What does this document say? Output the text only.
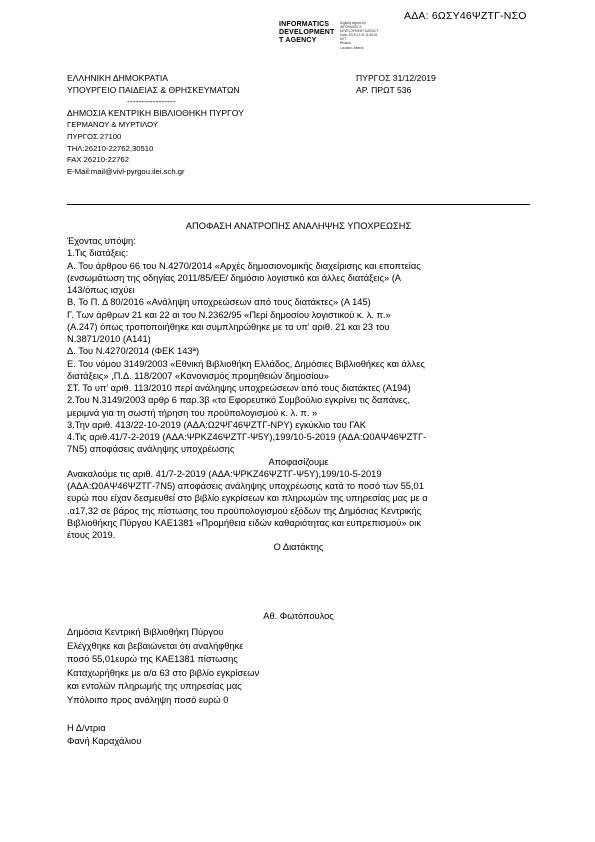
ΑΔΑ: 6ΩΣΥ46ΨΖΤΓ-ΝΣΟ
INFORMATICS
DEVELOPMENT
T AGENCY
Digitally signed by
INFORMATICS
DEVELOPMENT AGENCY
Date: 2019.12.31 11:56:51
EET
Reason:
Location: Athens
ΕΛΛΗΝΙΚΗ ΔΗΜΟΚΡΑΤΙΑ
ΥΠΟΥΡΓΕΙΟ ΠΑΙΔΕΙΑΣ & ΘΡΗΣΚΕΥΜΑΤΩΝ
-----------------
ΔΗΜΟΣΙΑ ΚΕΝΤΡΙΚΗ ΒΙΒΛΙΟΘΗΚΗ ΠΥΡΓΟΥ
ΓΕΡΜΑΝΟΥ & ΜΥΡΤΙΛΟΥ
ΠΥΡΓΟΣ 27100
ΤΗΛ:26210-22762,30510
FAX 26210-22762
E-Mail:mail@vivl-pyrgou.ilei.sch.gr
ΠΥΡΓΟΣ 31/12/2019
ΑΡ. ΠΡΩΤ 536
ΑΠΟΦΑΣΗ ΑΝΑΤΡΟΠΗΣ ΑΝΑΛΗΨΗΣ ΥΠΟΧΡΕΩΣΗΣ
Έχοντας υπόψη:
1.Τις διατάξεις:
Α. Του άρθρου 66 του Ν.4270/2014 «Αρχές δημοσιονομικής διαχείρισης και εποπτείας
(ενσωμάτωση της οδηγίας 2011/85/ΕΕ/ δημόσιο λογιστικό και άλλες διατάξεις» (Α
143/όπως ισχύει
Β. Το Π. Δ 80/2016 «Ανάληψη υποχρεώσεων από τους διατάκτες» (Α 145)
Γ. Των άρθρων 21 και 22 αι του Ν.2362/95 «Περί δημοσίου λογιστικού κ. λ. π.»
(Α.247) όπως τροποποιήθηκε και συμπληρώθηκε με τα υπ' αριθ. 21 και 23 του
Ν.3871/2010 (Α141)
Δ. Του Ν.4270/2014 (ΦΕΚ 143ª)
Ε. Του νόμου 3149/2003 «Εθνική Βιβλιοθήκη Ελλάδος, Δημόσιες Βιβλιοθήκες και άλλες
διατάξεις» ,Π.Δ. 118/2007 «Κανονισμός προμηθειών δημοσίου»
ΣΤ. Το υπ' αριθ. 113/2010 περί ανάληψης υποχρεώσεων από τους διατάκτες (Α194)
2.Του Ν.3149/2003 αρθρ 6 παρ.3β «το Εφορευτικό Συμβούλιο εγκρίνει τις δαπάνες,
μεριμνά για τη σωστή τήρηση του προϋπολογισμού κ. λ. π. »
3.Την αριθ. 413/22-10-2019 (ΑΔΑ:Ω2ΨΓ46ΨΖΤΓ-ΝΡΥ) εγκύκλιο του ΓΑΚ
4.Τις αριθ.41/7-2-2019 (ΑΔΑ:ΨΡΚΖ46ΨΖΤΓ-Ψ5Υ),199/10-5-2019 (ΑΔΑ:Ω0ΑΨ46ΨΖΤΓ-
7Ν5) αποφάσεις ανάληψης υποχρέωσης
Αποφασίζουμε
Ανακαλούμε τις αριθ. 41/7-2-2019 (ΑΔΑ:ΨΡΚΖ46ΨΖΤΓ-Ψ5Υ),199/10-5-2019
(ΑΔΑ:Ω0ΑΨ46ΨΖΤΓ-7Ν5) αποφάσεις ανάληψης υποχρέωσης κατά το ποσό των 55,01
ευρώ που είχαν δεσμευθεί στο βιβλίο εγκρίσεων και πληρωμών της υπηρεσίας μας με α
.α17,32 σε βάρος της πίστωσης του προϋπολογισμού εξόδων της Δημόσιας Κεντρικής
Βιβλιοθήκης Πύργου ΚΑΕ1381 «Προμήθεια ειδών καθαριότητας και ευπρεπισμού» οικ
έτους 2019.
Ο Διατάκτης
Αθ. Φωτόπουλος
Δημόσια Κεντρική Βιβλιοθήκη Πύργου
Ελέγχθηκε και βεβαιώνεται ότι αναλήφθηκε
ποσό 55,01ευρώ της ΚΑΕ1381 πίστωσης
Καταχωρήθηκε με α/α 63 στο βιβλίο εγκρίσεων
και εντολών πληρωμής της υπηρεσίας μας
Υπόλοιπο προς ανάληψη ποσό ευρώ 0
Η Δ/ντρια
Φανή Καραχάλιου
